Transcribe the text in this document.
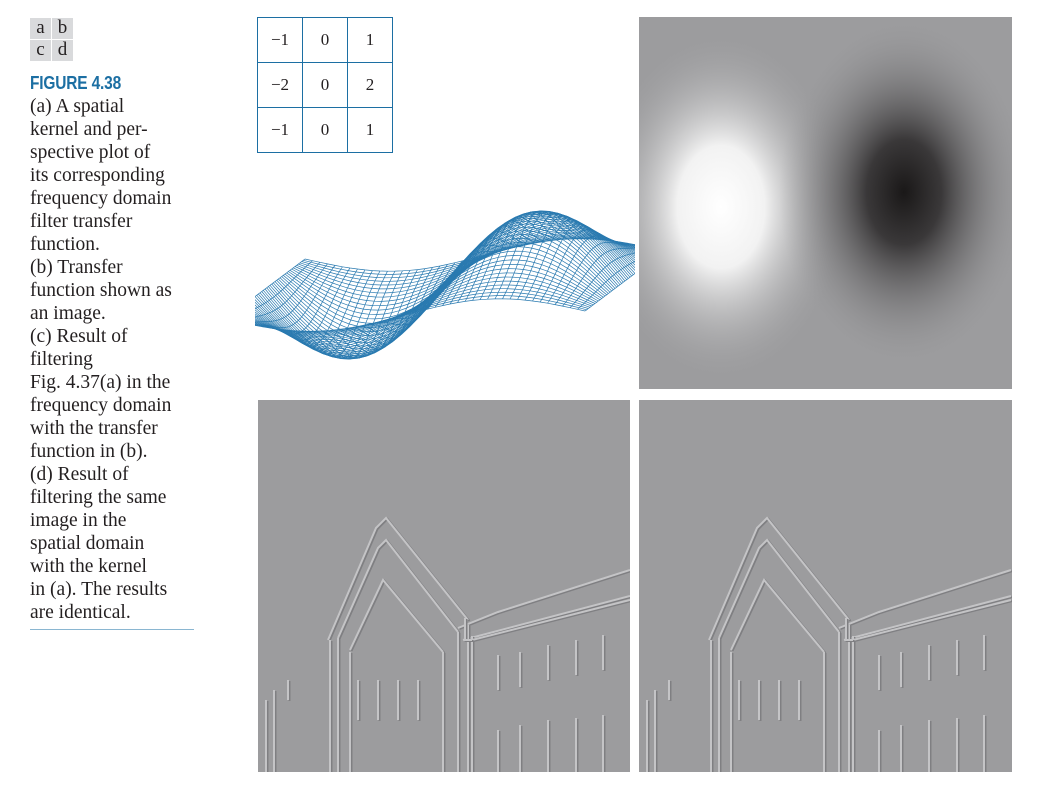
a b
c d
FIGURE 4.38
(a) A spatial
kernel and per-
spective plot of
its corresponding
frequency domain
filter transfer
function.
(b) Transfer
function shown as
an image.
(c) Result of
filtering
Fig. 4.37(a) in the
frequency domain
with the transfer
function in (b).
(d) Result of
filtering the same
image in the
spatial domain
with the kernel
in (a). The results
are identical.
−1	0	1
−2	0	2
−1	0	1
